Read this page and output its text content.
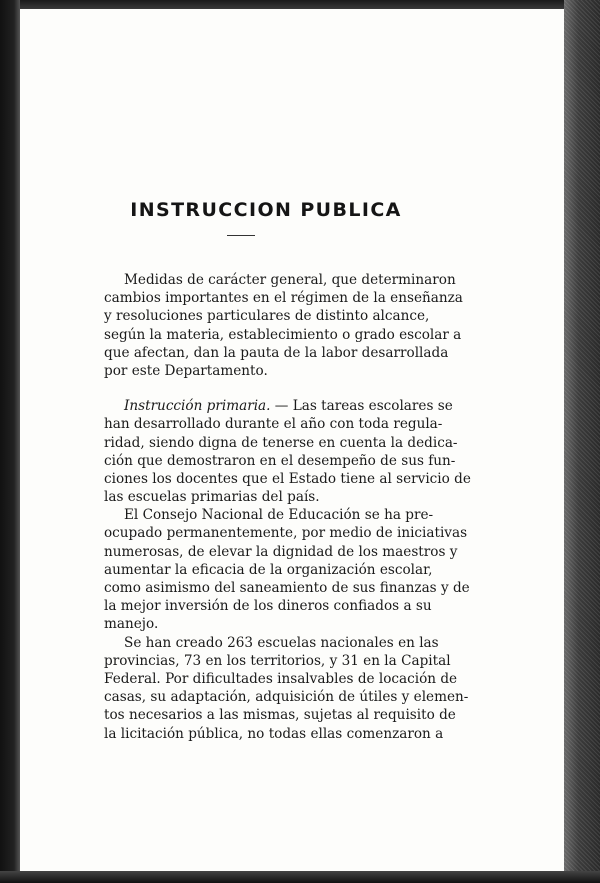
INSTRUCCION PUBLICA
Medidas de carácter general, que determinaron
cambios importantes en el régimen de la enseñanza
y resoluciones particulares de distinto alcance,
según la materia, establecimiento o grado escolar a
que afectan, dan la pauta de la labor desarrollada
por este Departamento.
Instrucción primaria. — Las tareas escolares se
han desarrollado durante el año con toda regula-
ridad, siendo digna de tenerse en cuenta la dedica-
ción que demostraron en el desempeño de sus fun-
ciones los docentes que el Estado tiene al servicio de
las escuelas primarias del país.
El Consejo Nacional de Educación se ha pre-
ocupado permanentemente, por medio de iniciativas
numerosas, de elevar la dignidad de los maestros y
aumentar la eficacia de la organización escolar,
como asimismo del saneamiento de sus finanzas y de
la mejor inversión de los dineros confiados a su
manejo.
Se han creado 263 escuelas nacionales en las
provincias, 73 en los territorios, y 31 en la Capital
Federal. Por dificultades insalvables de locación de
casas, su adaptación, adquisición de útiles y elemen-
tos necesarios a las mismas, sujetas al requisito de
la licitación pública, no todas ellas comenzaron a
